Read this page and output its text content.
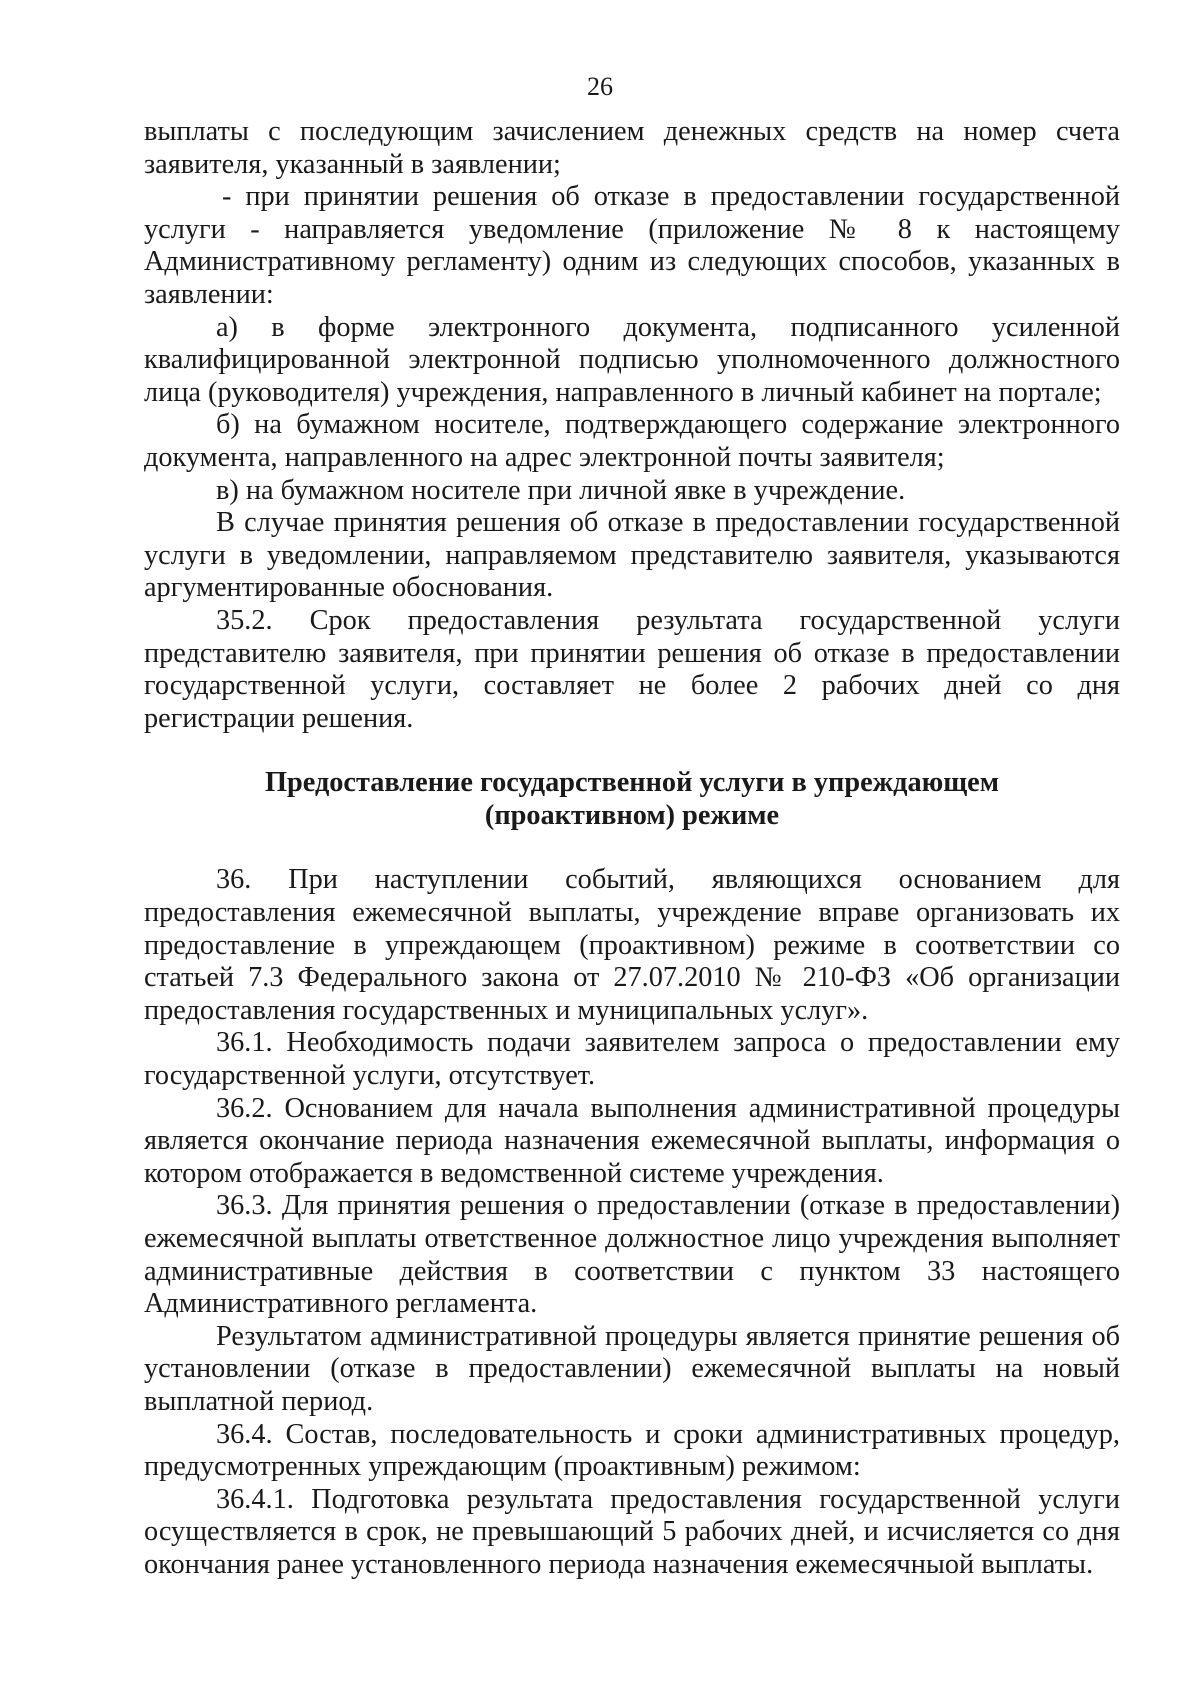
26

выплаты с последующим зачислением денежных средств на номер счета заявителя, указанный в заявлении;

- при принятии решения об отказе в предоставлении государственной услуги - направляется уведомление (приложение № 8 к настоящему Административному регламенту) одним из следующих способов, указанных в заявлении:

а) в форме электронного документа, подписанного усиленной квалифицированной электронной подписью уполномоченного должностного лица (руководителя) учреждения, направленного в личный кабинет на портале;

б) на бумажном носителе, подтверждающего содержание электронного документа, направленного на адрес электронной почты заявителя;

в) на бумажном носителе при личной явке в учреждение.

В случае принятия решения об отказе в предоставлении государственной услуги в уведомлении, направляемом представителю заявителя, указываются аргументированные обоснования.

35.2. Срок предоставления результата государственной услуги представителю заявителя, при принятии решения об отказе в предоставлении государственной услуги, составляет не более 2 рабочих дней со дня регистрации решения.

Предоставление государственной услуги в упреждающем
(проактивном) режиме

36. При наступлении событий, являющихся основанием для предоставления ежемесячной выплаты, учреждение вправе организовать их предоставление в упреждающем (проактивном) режиме в соответствии со статьей 7.3 Федерального закона от 27.07.2010 № 210-ФЗ «Об организации предоставления государственных и муниципальных услуг».

36.1. Необходимость подачи заявителем запроса о предоставлении ему государственной услуги, отсутствует.

36.2. Основанием для начала выполнения административной процедуры является окончание периода назначения ежемесячной выплаты, информация о котором отображается в ведомственной системе учреждения.

36.3. Для принятия решения о предоставлении (отказе в предоставлении) ежемесячной выплаты ответственное должностное лицо учреждения выполняет административные действия в соответствии с пунктом 33 настоящего Административного регламента.

Результатом административной процедуры является принятие решения об установлении (отказе в предоставлении) ежемесячной выплаты на новый выплатной период.

36.4. Состав, последовательность и сроки административных процедур, предусмотренных упреждающим (проактивным) режимом:

36.4.1. Подготовка результата предоставления государственной услуги осуществляется в срок, не превышающий 5 рабочих дней, и исчисляется со дня окончания ранее установленного периода назначения ежемесячныой выплаты.
